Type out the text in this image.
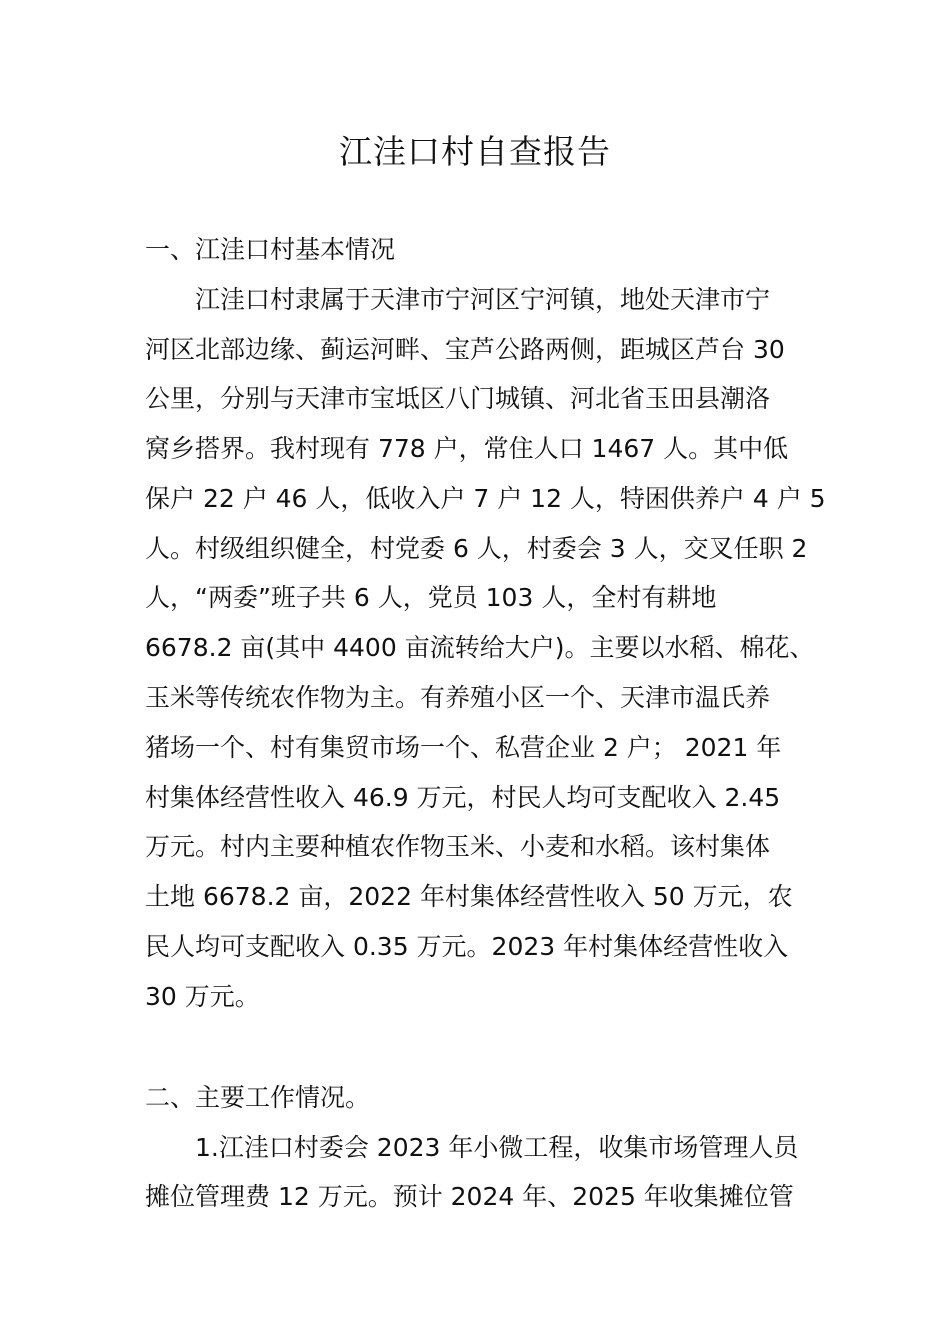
江洼口村自查报告

一、江洼口村基本情况

　　江洼口村隶属于天津市宁河区宁河镇，地处天津市宁

河区北部边缘、蓟运河畔、宝芦公路两侧，距城区芦台 30

公里，分别与天津市宝坻区八门城镇、河北省玉田县潮洛

窝乡搭界。我村现有 778 户，常住人口 1467 人。其中低

保户 22 户 46 人，低收入户 7 户 12 人，特困供养户 4 户 5

人。村级组织健全，村党委 6 人，村委会 3 人，交叉任职 2

人，“两委”班子共 6 人，党员 103 人，全村有耕地

6678.2 亩(其中 4400 亩流转给大户)。主要以水稻、棉花、

玉米等传统农作物为主。有养殖小区一个、天津市温氏养

猪场一个、村有集贸市场一个、私营企业 2 户； 2021 年

村集体经营性收入 46.9 万元，村民人均可支配收入 2.45

万元。村内主要种植农作物玉米、小麦和水稻。该村集体

土地 6678.2 亩，2022 年村集体经营性收入 50 万元，农

民人均可支配收入 0.35 万元。2023 年村集体经营性收入

30 万元。

二、主要工作情况。

　　1.江洼口村委会 2023 年小微工程，收集市场管理人员

摊位管理费 12 万元。预计 2024 年、2025 年收集摊位管
